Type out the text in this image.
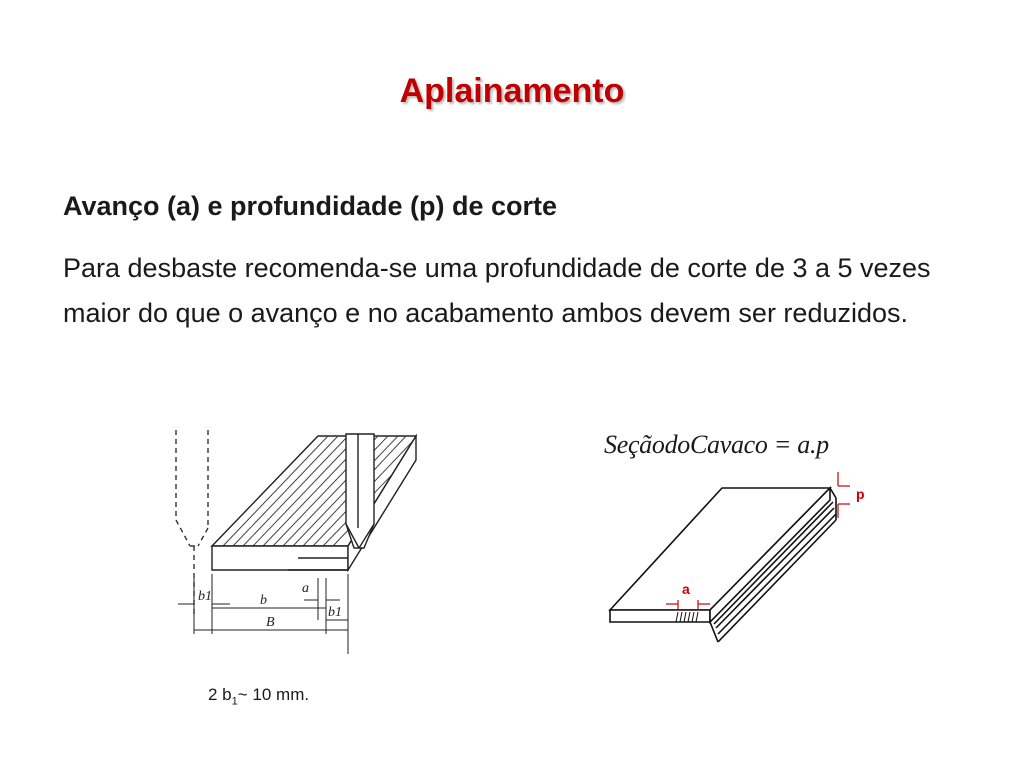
Aplainamento
Avanço (a) e profundidade (p) de corte
Para desbaste recomenda-se uma profundidade de corte de 3 a 5 vezes maior do que o avanço e no acabamento ambos devem ser reduzidos.
b1	b
a
b1
B
SeçãodoCavaco = a.p
p
a
2 $b_1\sim$ 10 mm.
